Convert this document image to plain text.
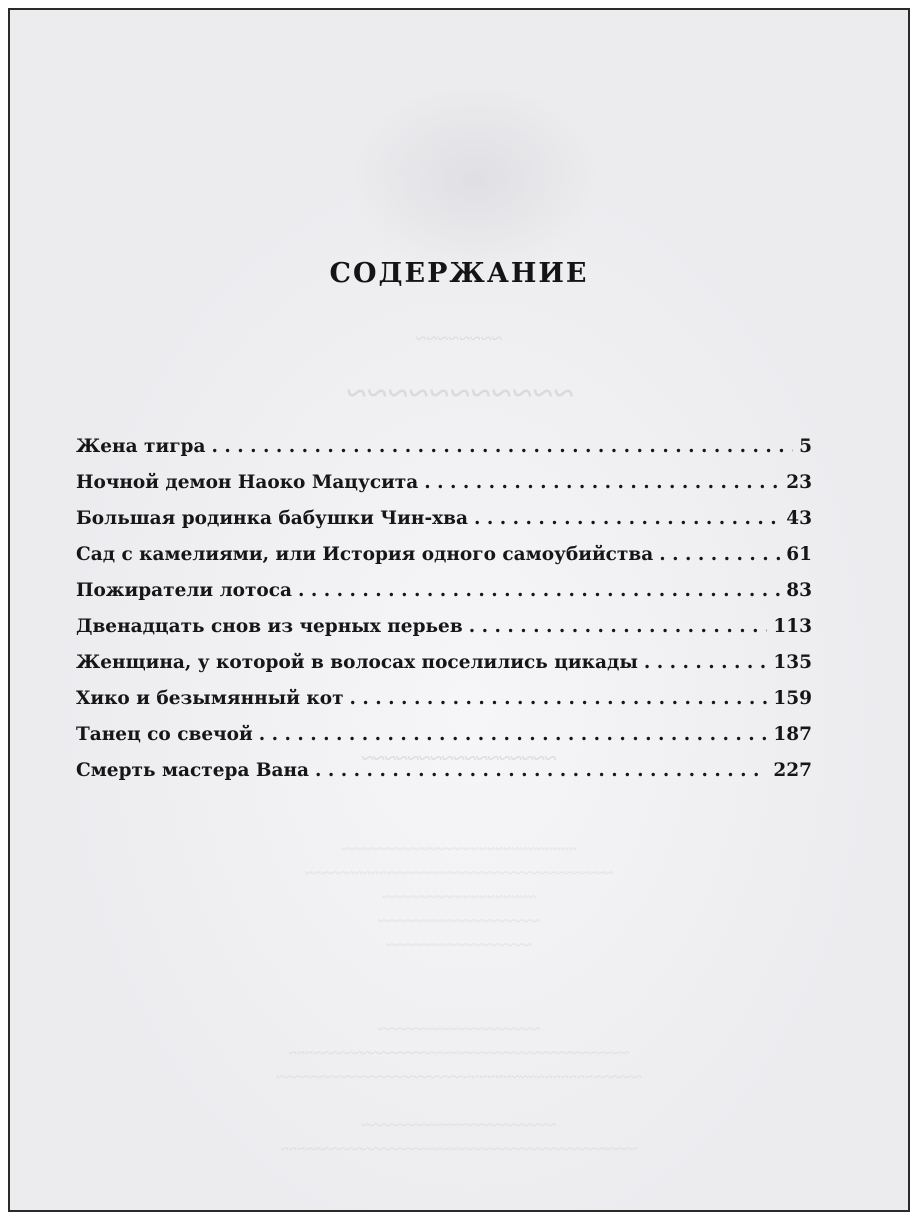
~~~~~~~~
~~~~~~~~~~~
~~~~~~~~~~~~~~~~~
~~~~~~~~~~~~~~~~~~~~~~~~~~~~~
~~~~~~~~~~~~~~~~~~~~~~~~~~~~~~~~~~~~~~
~~~~~~~~~~~~~~~~~~~
~~~~~~~~~~~~~~~~~~~~
~~~~~~~~~~~~~~~~~~
~~~~~~~~~~~~~~~~~~~~
~~~~~~~~~~~~~~~~~~~~~~~~~~~~~~~~~~~~~~~~~~
~~~~~~~~~~~~~~~~~~~~~~~~~~~~~~~~~~~~~~~~~~~~~

~~~~~~~~~~~~~~~~~~~~~~~~
~~~~~~~~~~~~~~~~~~~~~~~~~~~~~~~~~~~~~~~~~~~~
СОДЕРЖАНИЕ
Жена тигра . . .	5
Ночной демон Наоко Мацусита . . .	23
Большая родинка бабушки Чин-хва . . .	43
Сад с камелиями, или История одного самоубийства . . .	61
Пожиратели лотоса . . .	83
Двенадцать снов из черных перьев . . .	113
Женщина, у которой в волосах поселились цикады . . .	135
Хико и безымянный кот . . .	159
Танец со свечой . . .	187
Смерть мастера Вана . . .	227
